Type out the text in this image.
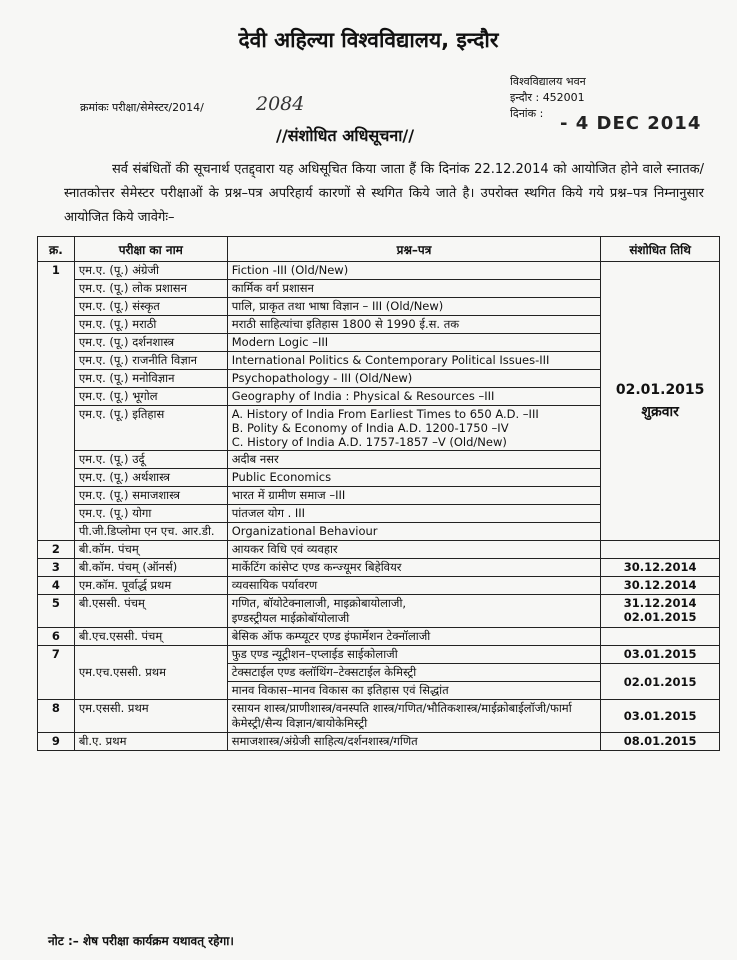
देवी अहिल्या विश्वविद्यालय, इन्दौर
क्रमांकः परीक्षा/सेमेस्टर/2014/	2084
विश्वविद्यालय भवन
इन्दौर : 452001
दिनांक : - 4 DEC 2014
//संशोधित अधिसूचना//
सर्व संबंधितों की सूचनार्थ एतद्द्वारा यह अधिसूचित किया जाता हैं कि दिनांक 22.12.2014 को आयोजित होने वाले स्नातक/स्नातकोत्तर सेमेस्टर परीक्षाओं के प्रश्न–पत्र अपरिहार्य कारणों से स्थगित किये जाते है। उपरोक्त स्थगित किये गये प्रश्न–पत्र निम्नानुसार आयोजित किये जावेगेः–
क्र.	परीक्षा का नाम	प्रश्न–पत्र	संशोधित तिथि
1	एम.ए. (पू.) अंग्रेजी	Fiction -III (Old/New)	02.01.2015
शुक्रवार

	एम.ए. (पू.) लोक प्रशासन	कार्मिक वर्ग प्रशासन	
	एम.ए. (पू.) संस्कृत	पालि, प्राकृत तथा भाषा विज्ञान – III (Old/New)	
	एम.ए. (पू.) मराठी	मराठी साहित्यांचा इतिहास 1800 से 1990 ई.स. तक	
	एम.ए. (पू.) दर्शनशास्त्र	Modern Logic –III	
	एम.ए. (पू.) राजनीति विज्ञान	International Politics & Contemporary Political Issues-III	
	एम.ए. (पू.) मनोविज्ञान	Psychopathology - III (Old/New)	
	एम.ए. (पू.) भूगोल	Geography of India : Physical & Resources –III	
	एम.ए. (पू.) इतिहास	A. History of India From Earliest Times to 650 A.D. –III
B. Polity & Economy of India A.D. 1200-1750 –IV
C. History of India A.D. 1757-1857 –V (Old/New)	

	एम.ए. (पू.) उर्दू	अदीब नसर	
	एम.ए. (पू.) अर्थशास्त्र	Public Economics	
	एम.ए. (पू.) समाजशास्त्र	भारत में ग्रामीण समाज –III	
	एम.ए. (पू.) योगा	पांतजल योग . III	
	पी.जी.डिप्लोमा एन एच. आर.डी.	Organizational Behaviour	
2	बी.कॉम. पंचम्	आयकर विधि एवं व्यवहार	
3	बी.कॉम. पंचम् (ऑनर्स)	मार्केटिंग कांसेप्ट एण्ड कन्ज्यूमर बिहेवियर	30.12.2014
4	एम.कॉम. पूर्वार्द्ध प्रथम	व्यवसायिक पर्यावरण	30.12.2014
5	बी.एससी. पंचम्	गणित, बॉयोटेक्नालाजी, माइक्रोबायोलाजी,
इण्डस्ट्रीयल माईक्रोबॉयोलाजी	31.12.2014
02.01.2015

6	बी.एच.एससी. पंचम्	बेसिक ऑफ कम्प्यूटर एण्ड इंफार्मेशन टेक्नॉलाजी	
7	एम.एच.एससी. प्रथम	फुड एण्ड न्यूट्रीशन–एप्लाईड साईकोलाजी	03.01.2015
		टेक्सटाईल एण्ड क्लॉथिंग–टेक्सटाईल केमिस्ट्री	02.01.2015
		मानव विकास–मानव विकास का इतिहास एवं सिद्धांत	
8	एम.एससी. प्रथम	रसायन शास्त्र/प्राणीशास्त्र/वनस्पति शास्त्र/गणित/भौतिकशास्त्र/माईक्रोबाईलॉजी/फार्मा केमेस्ट्री/सैन्य विज्ञान/बायोकेमिस्ट्री	03.01.2015
9	बी.ए. प्रथम	समाजशास्त्र/अंग्रेजी साहित्य/दर्शनशास्त्र/गणित	08.01.2015
नोट :– शेष परीक्षा कार्यक्रम यथावत् रहेगा।
